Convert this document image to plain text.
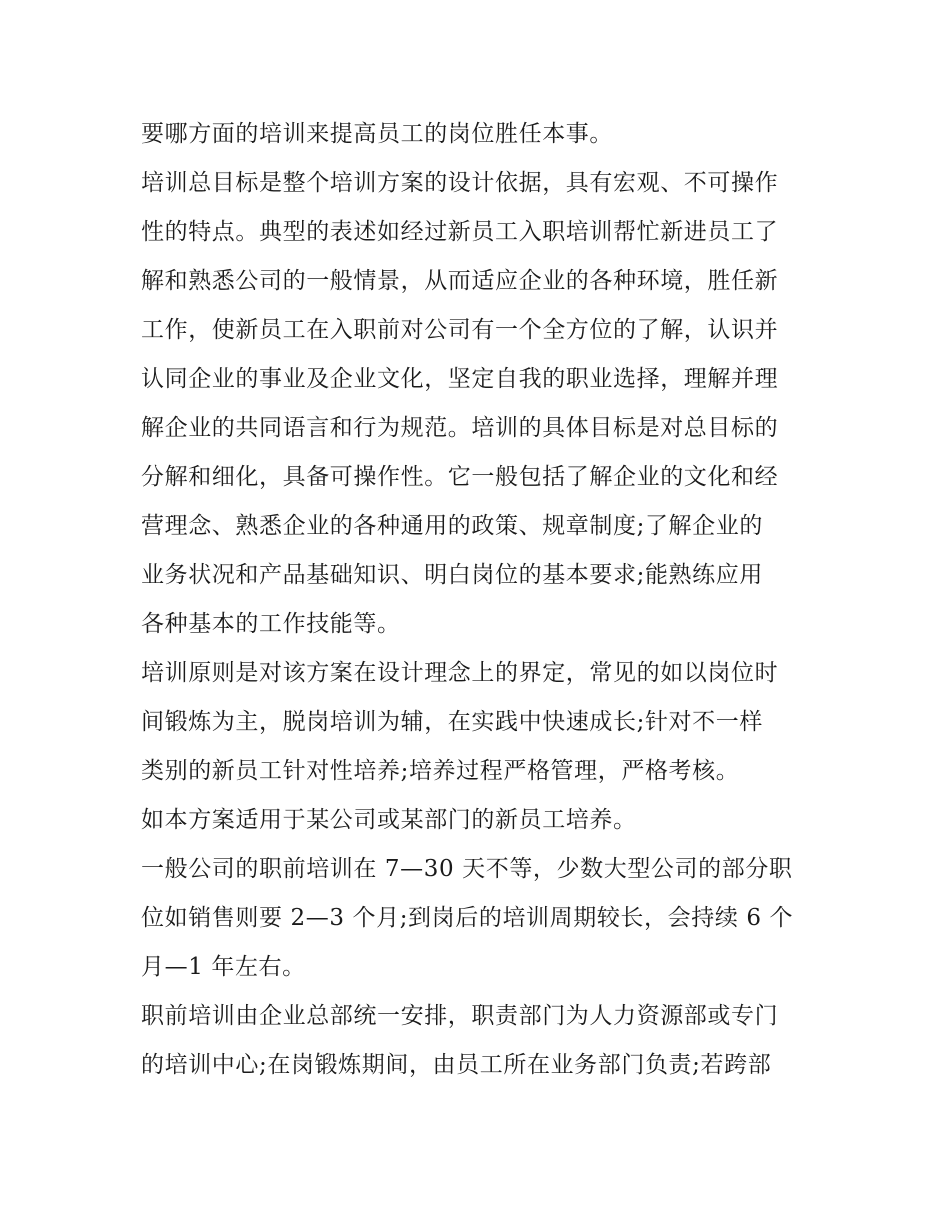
要哪方面的培训来提高员工的岗位胜任本事。
培训总目标是整个培训方案的设计依据，具有宏观、不可操作
性的特点。典型的表述如经过新员工入职培训帮忙新进员工了
解和熟悉公司的一般情景，从而适应企业的各种环境，胜任新
工作，使新员工在入职前对公司有一个全方位的了解，认识并
认同企业的事业及企业文化，坚定自我的职业选择，理解并理
解企业的共同语言和行为规范。培训的具体目标是对总目标的
分解和细化，具备可操作性。它一般包括了解企业的文化和经
营理念、熟悉企业的各种通用的政策、规章制度;了解企业的
业务状况和产品基础知识、明白岗位的基本要求;能熟练应用
各种基本的工作技能等。
培训原则是对该方案在设计理念上的界定，常见的如以岗位时
间锻炼为主，脱岗培训为辅，在实践中快速成长;针对不一样
类别的新员工针对性培养;培养过程严格管理，严格考核。
如本方案适用于某公司或某部门的新员工培养。
一般公司的职前培训在 7—30 天不等，少数大型公司的部分职
位如销售则要 2—3 个月;到岗后的培训周期较长，会持续 6 个
月—1 年左右。
职前培训由企业总部统一安排，职责部门为人力资源部或专门
的培训中心;在岗锻炼期间，由员工所在业务部门负责;若跨部
